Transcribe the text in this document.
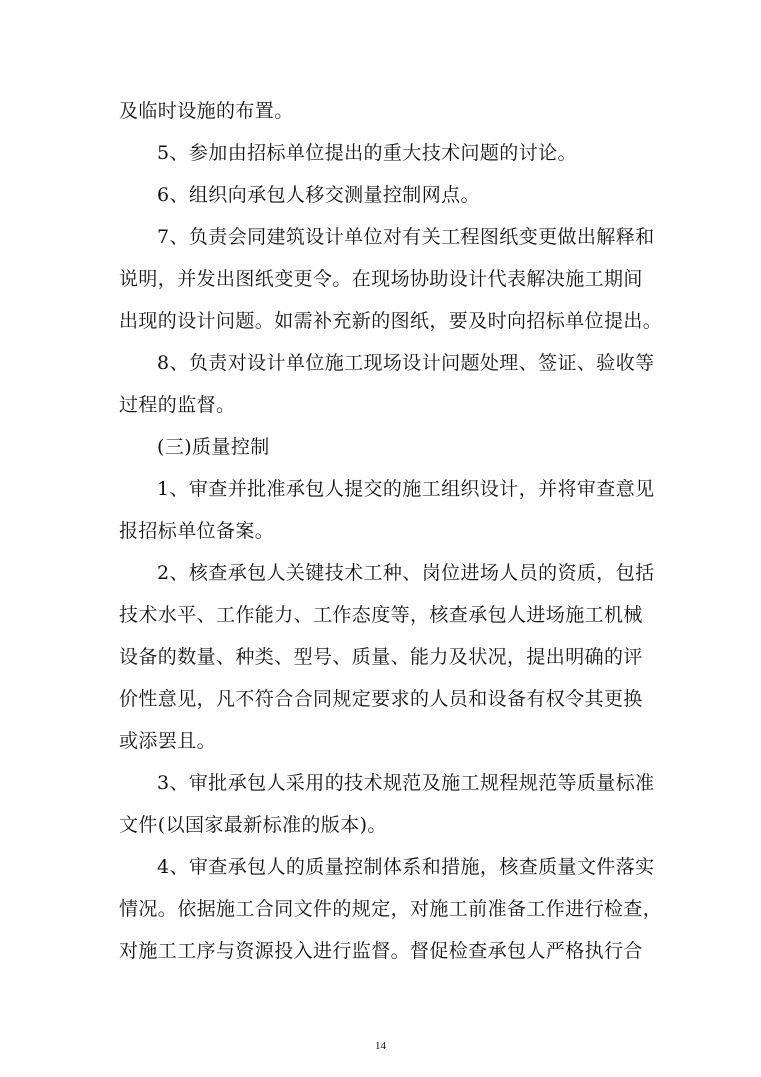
及临时设施的布置。
5、参加由招标单位提出的重大技术问题的讨论。
6、组织向承包人移交测量控制网点。
7、负责会同建筑设计单位对有关工程图纸变更做出解释和
说明，并发出图纸变更令。在现场协助设计代表解决施工期间
出现的设计问题。如需补充新的图纸，要及时向招标单位提出。
8、负责对设计单位施工现场设计问题处理、签证、验收等
过程的监督。
(三)质量控制
1、审查并批准承包人提交的施工组织设计，并将审查意见
报招标单位备案。
2、核查承包人关键技术工种、岗位进场人员的资质，包括
技术水平、工作能力、工作态度等，核查承包人进场施工机械
设备的数量、种类、型号、质量、能力及状况，提出明确的评
价性意见，凡不符合合同规定要求的人员和设备有权令其更换
或添罢且。
3、审批承包人采用的技术规范及施工规程规范等质量标准
文件(以国家最新标准的版本)。
4、审查承包人的质量控制体系和措施，核查质量文件落实
情况。依据施工合同文件的规定，对施工前准备工作进行检查，
对施工工序与资源投入进行监督。督促检查承包人严格执行合
14
